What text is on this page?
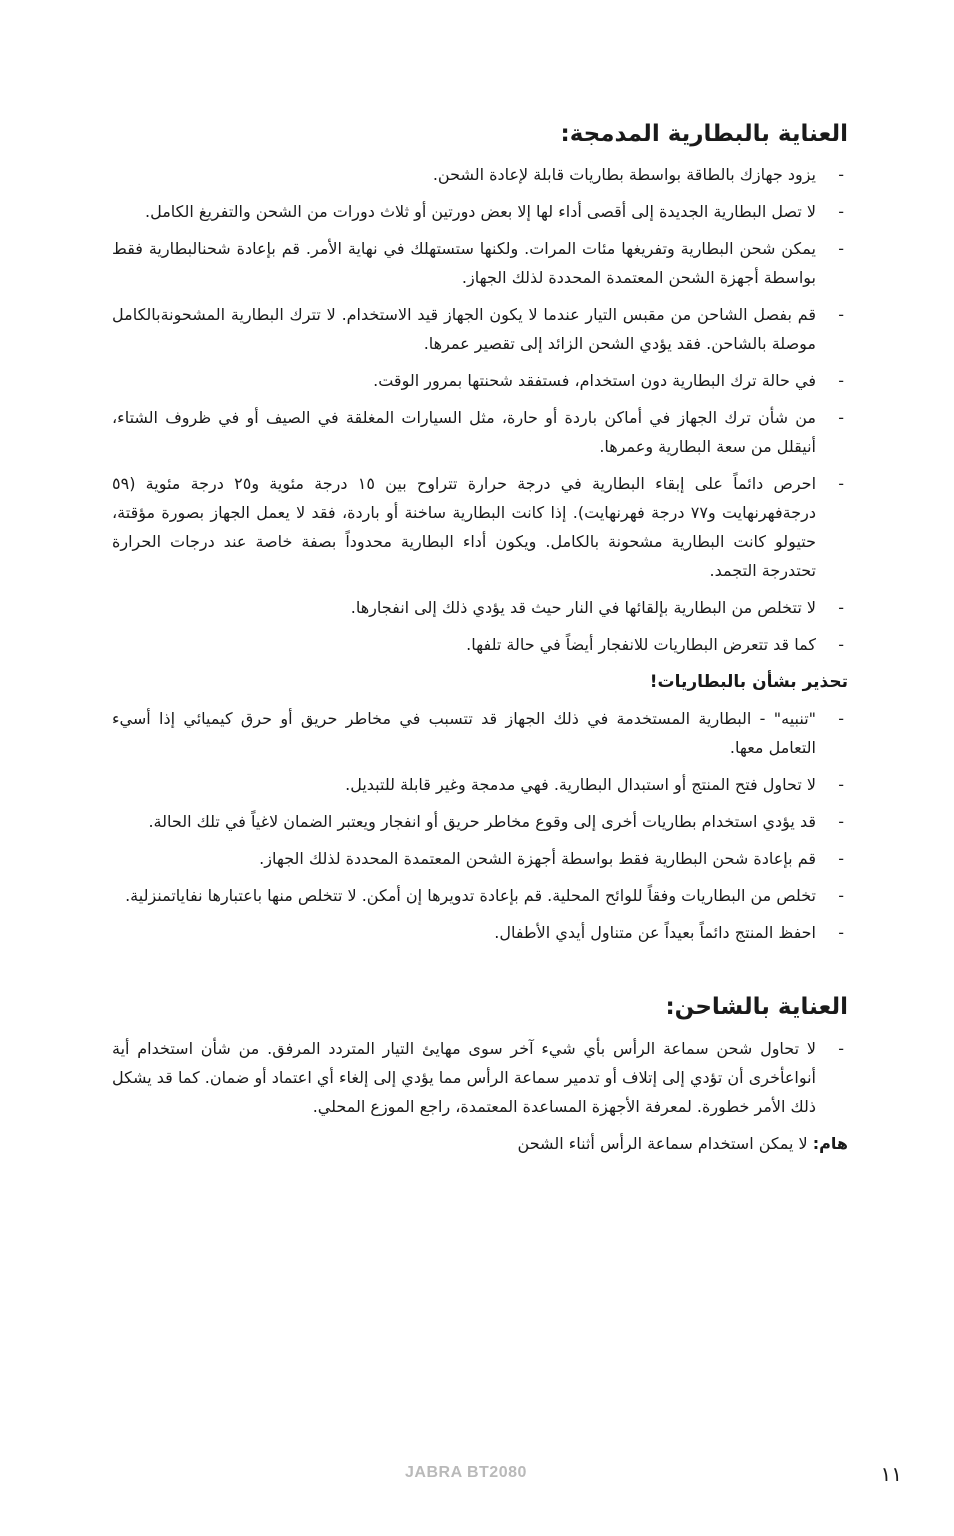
العناية بالبطارية المدمجة:
- يزود جهازك بالطاقة بواسطة بطاريات قابلة لإعادة الشحن.
- لا تصل البطارية الجديدة إلى أقصى أداء لها إلا بعض دورتين أو ثلاث دورات من الشحن والتفريغ الكامل.
- يمكن شحن البطارية وتفريغها مئات المرات. ولكنها ستستهلك في نهاية الأمر. قم بإعادة شحنالبطارية فقط بواسطة أجهزة الشحن المعتمدة المحددة لذلك الجهاز.
- قم بفصل الشاحن من مقبس التيار عندما لا يكون الجهاز قيد الاستخدام. لا تترك البطارية المشحونةبالكامل موصلة بالشاحن. فقد يؤدي الشحن الزائد إلى تقصير عمرها.
- في حالة ترك البطارية دون استخدام، فستفقد شحنتها بمرور الوقت.
- من شأن ترك الجهاز في أماكن باردة أو حارة، مثل السيارات المغلقة في الصيف أو في ظروف الشتاء، أنيقلل من سعة البطارية وعمرها.
- احرص دائماً على إبقاء البطارية في درجة حرارة تتراوح بين ١٥ درجة مئوية و٢٥ درجة مئوية (٥٩ درجةفهرنهايت و٧٧ درجة فهرنهايت). إذا كانت البطارية ساخنة أو باردة، فقد لا يعمل الجهاز بصورة مؤقتة، حتيولو كانت البطارية مشحونة بالكامل. ويكون أداء البطارية محدوداً بصفة خاصة عند درجات الحرارة تحتدرجة التجمد.
- لا تتخلص من البطارية بإلقائها في النار حيث قد يؤدي ذلك إلى انفجارها.
- كما قد تتعرض البطاريات للانفجار أيضاً في حالة تلفها.
تحذير بشأن بالبطاريات!
- "تنبيه" - البطارية المستخدمة في ذلك الجهاز قد تتسبب في مخاطر حريق أو حرق كيميائي إذا أسيء التعامل معها.
- لا تحاول فتح المنتج أو استبدال البطارية. فهي مدمجة وغير قابلة للتبديل.
- قد يؤدي استخدام بطاريات أخرى إلى وقوع مخاطر حريق أو انفجار ويعتبر الضمان لاغياً في تلك الحالة.
- قم بإعادة شحن البطارية فقط بواسطة أجهزة الشحن المعتمدة المحددة لذلك الجهاز.
- تخلص من البطاريات وفقاً للوائح المحلية. قم بإعادة تدويرها إن أمكن. لا تتخلص منها باعتبارها نفاياتمنزلية.
- احفظ المنتج دائماً بعيداً عن متناول أيدي الأطفال.
العناية بالشاحن:
- لا تحاول شحن سماعة الرأس بأي شيء آخر سوى مهايئ التيار المتردد المرفق. من شأن استخدام أية أنواعأخرى أن تؤدي إلى إتلاف أو تدمير سماعة الرأس مما يؤدي إلى إلغاء أي اعتماد أو ضمان. كما قد يشكل ذلك الأمر خطورة. لمعرفة الأجهزة المساعدة المعتمدة، راجع الموزع المحلي.

هام: لا يمكن استخدام سماعة الرأس أثناء الشحن

JABRA BT2080	١١
